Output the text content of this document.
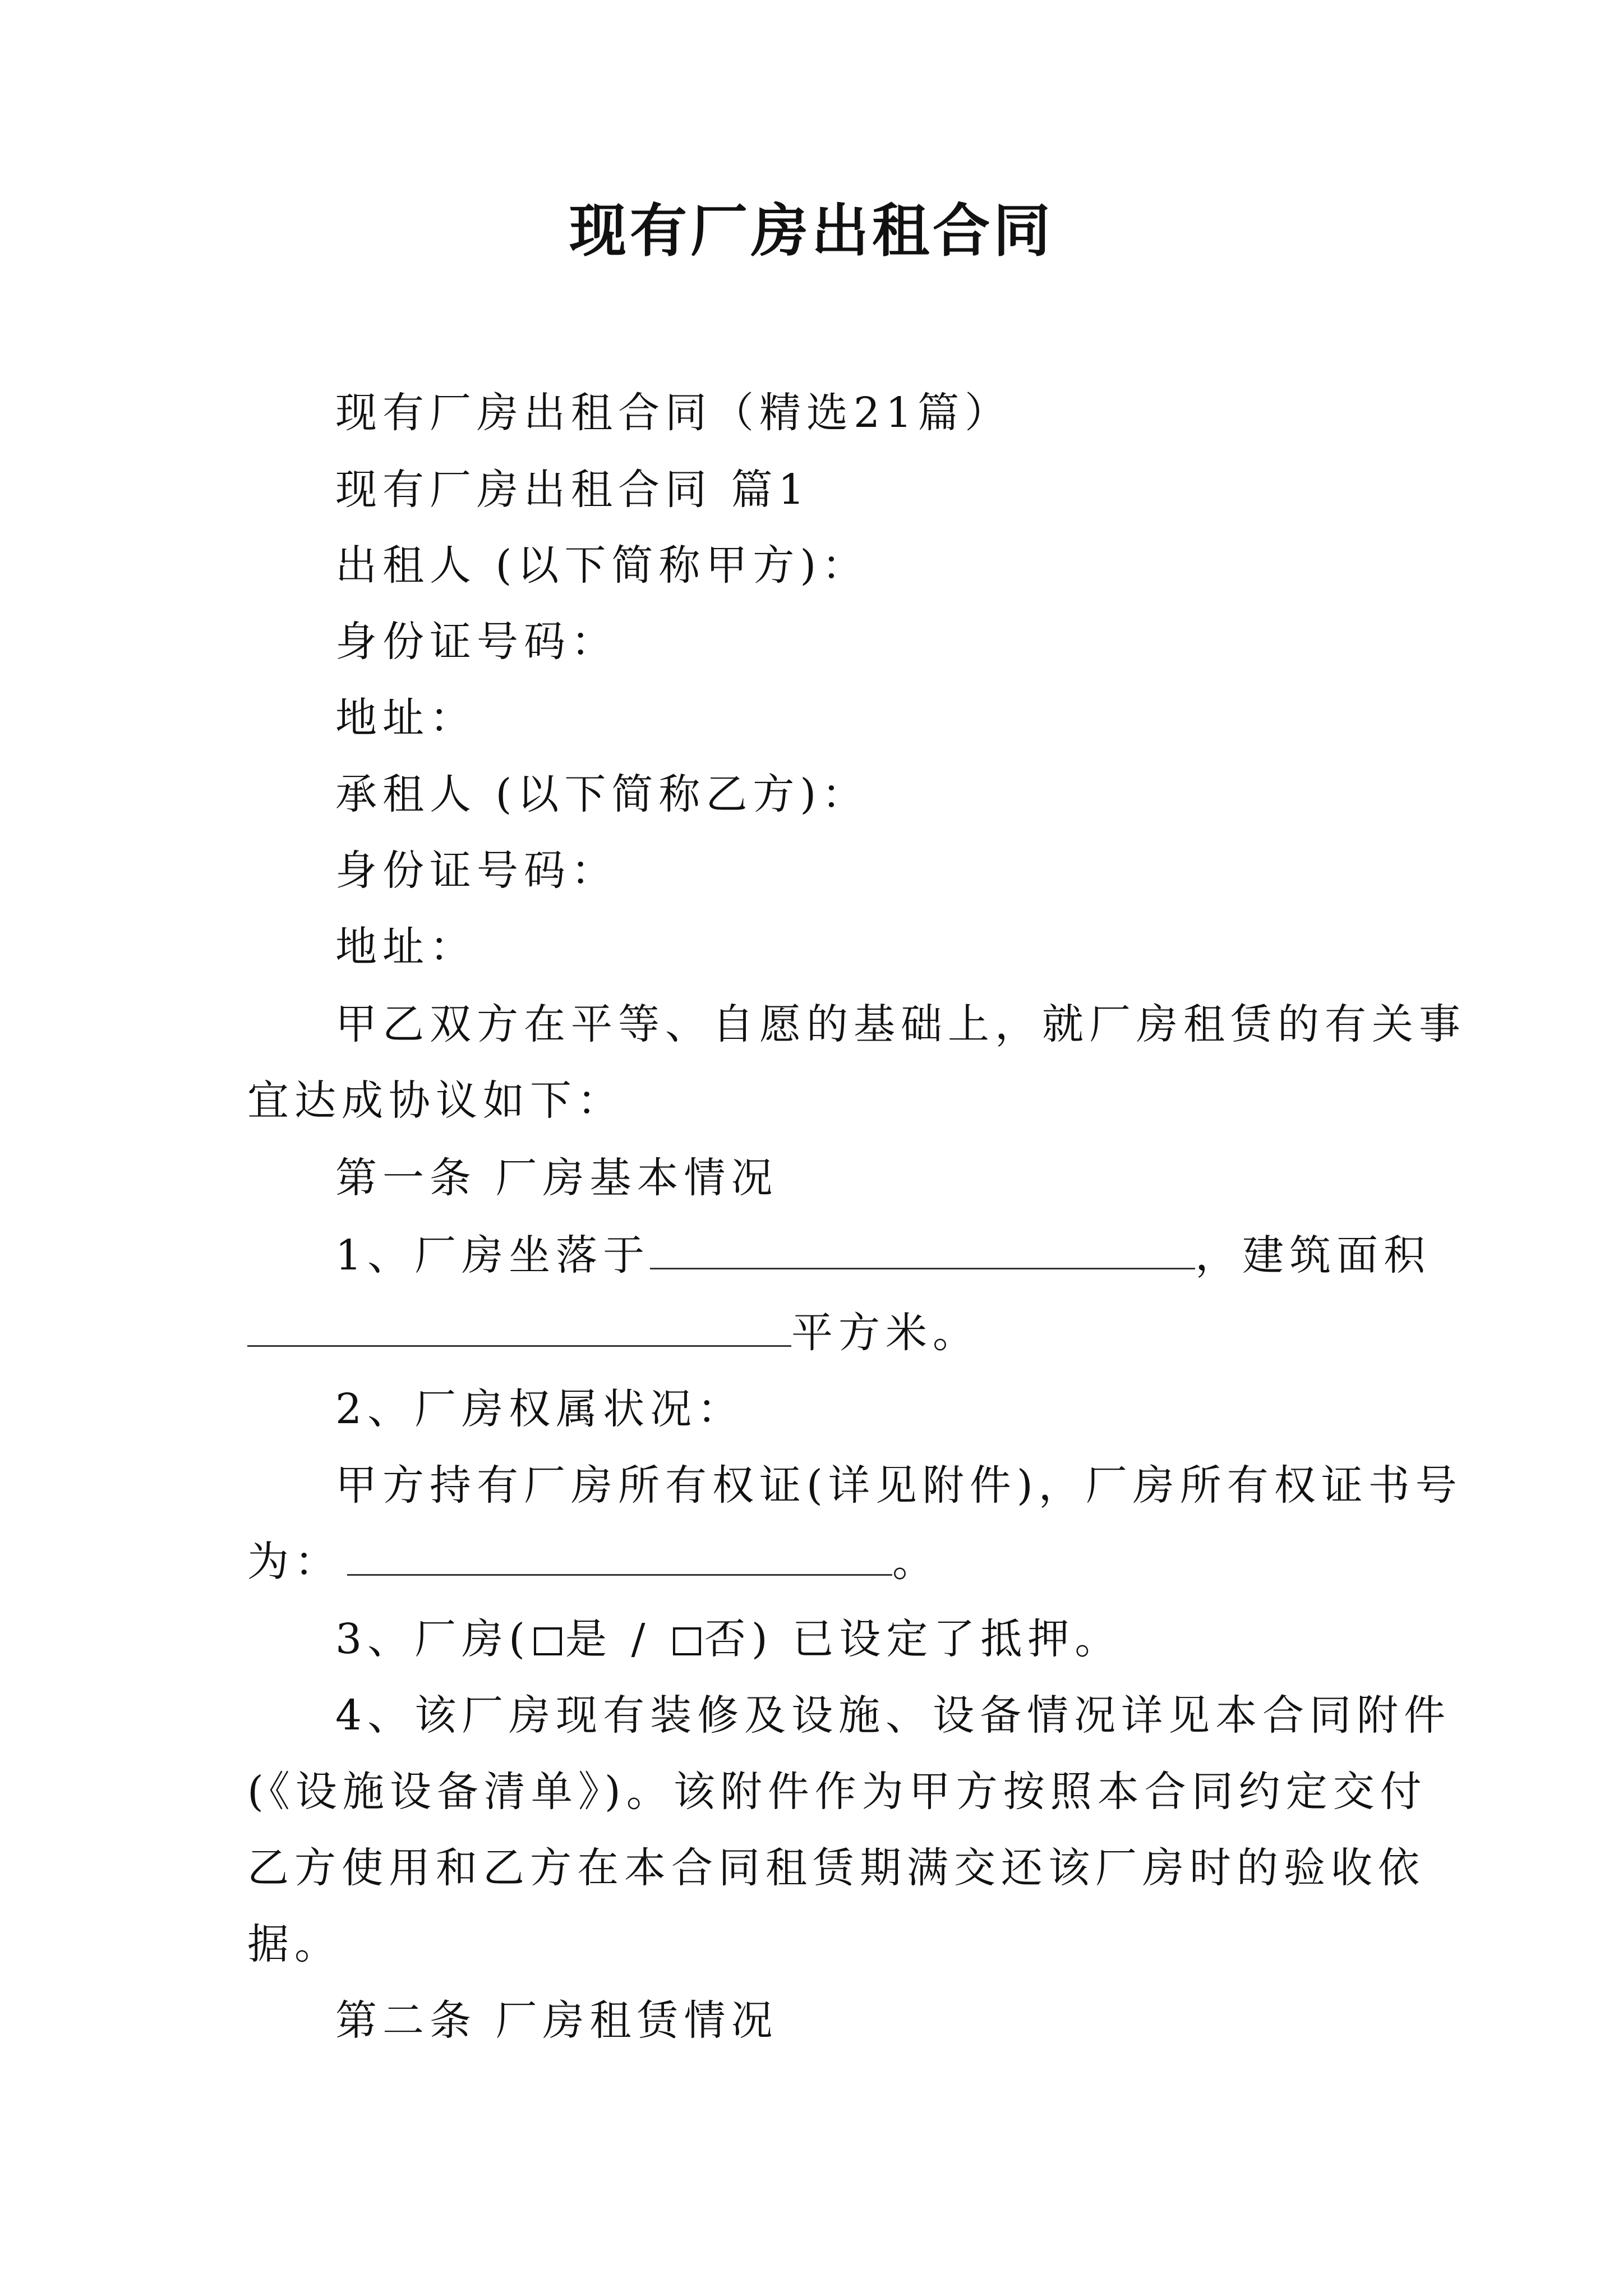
现有厂房出租合同
现有厂房出租合同（精选21篇）
现有厂房出租合同 篇1
出租人 (以下简称甲方)：
身份证号码：
地址：
承租人 (以下简称乙方)：
身份证号码：
地址：
甲乙双方在平等、自愿的基础上，就厂房租赁的有关事
宜达成协议如下：
第一条 厂房基本情况
1、厂房坐落于	，建筑面积
平方米。
2、厂房权属状况：
甲方持有厂房所有权证(详见附件)，厂房所有权证书号
为：	。
3、厂房( 是 / 否) 已设定了抵押。
4、该厂房现有装修及设施、设备情况详见本合同附件
(《设施设备清单》)。该附件作为甲方按照本合同约定交付
乙方使用和乙方在本合同租赁期满交还该厂房时的验收依
据。
第二条 厂房租赁情况
